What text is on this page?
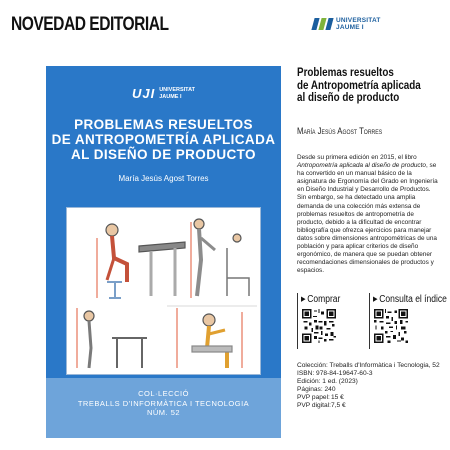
NOVEDAD EDITORIAL	UNIVERSITAT
JAUME I
UJI UNIVERSITAT
JAUME I
PROBLEMAS RESUELTOS
DE ANTROPOMETRÍA APLICADA
AL DISEÑO DE PRODUCTO
María Jesús Agost Torres
COL·LECCIÓ
TREBALLS D'INFORMÀTICA I TECNOLOGIA
NÚM. 52
Problemas resueltos
de Antropometría aplicada
al diseño de producto
María Jesús Agost Torres
Desde su primera edición en 2015, el libro Antropometría aplicada al diseño de producto, se ha convertido en un manual básico de la asignatura de Ergonomía del Grado en Ingeniería en Diseño Industrial y Desarrollo de Productos. Sin embargo, se ha detectado una amplia demanda de una colección más extensa de problemas resueltos de antropometría de producto, debido a la dificultad de encontrar bibliografía que ofrezca ejercicios para manejar datos sobre dimensiones antropométricas de una población y para aplicar criterios de diseño ergonómico, de manera que se puedan obtener recomendaciones dimensionales de productos y espacios.
▶ Comprar	▶ Consulta el índice
Colección: Treballs d'Informàtica i Tecnologia, 52
ISBN: 978-84-19647-60-3
Edición: 1 ed. (2023)
Páginas: 240
PVP papel:15 €
PVP digital:7,5 €
